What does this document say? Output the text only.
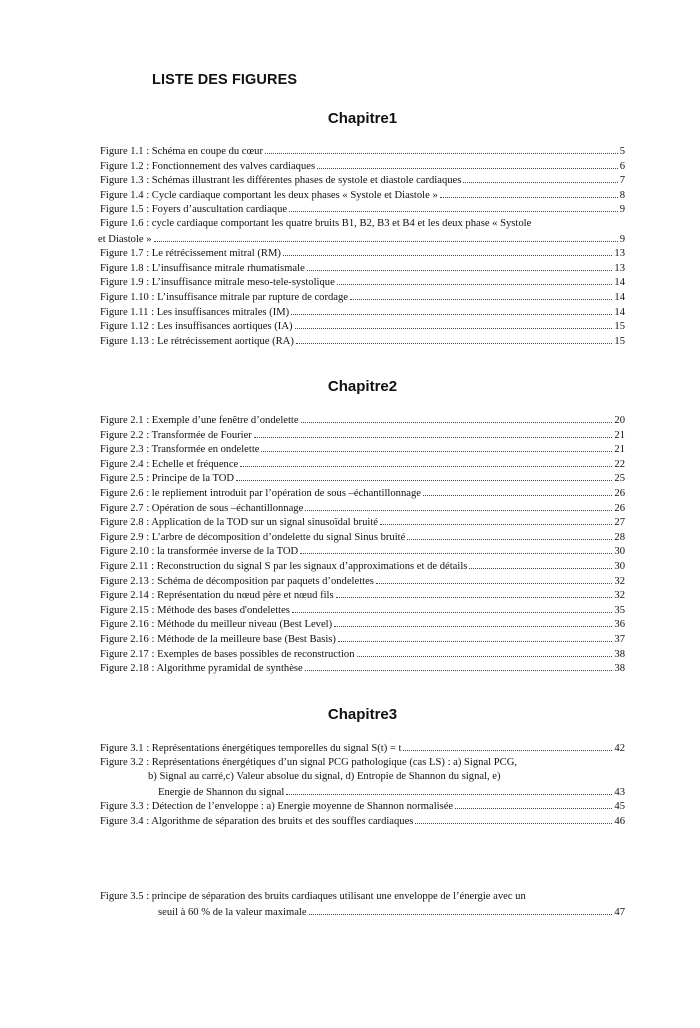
LISTE DES FIGURES
Chapitre1
Figure 1.1 : Schéma en coupe du cœur	5
Figure 1.2 : Fonctionnement des valves cardiaques	6
Figure 1.3 : Schémas illustrant les différentes phases de systole et diastole cardiaques	7
Figure 1.4 : Cycle cardiaque comportant les deux phases « Systole et Diastole »	8
Figure 1.5 : Foyers d’auscultation cardiaque	9
Figure 1.6 : cycle cardiaque comportant les quatre bruits B1, B2, B3 et B4 et les deux phase « Systole
et Diastole »	9
Figure 1.7 : Le rétrécissement mitral (RM)	13
Figure 1.8 : L’insuffisance mitrale rhumatismale	13
Figure 1.9 : L’insuffisance mitrale meso-tele-systolique	14
Figure 1.10 : L’insuffisance mitrale par rupture de cordage	14
Figure 1.11 : Les insuffisances mitrales (IM)	14
Figure 1.12 : Les insuffisances aortiques (IA)	15
Figure 1.13 : Le rétrécissement aortique (RA)	15
Chapitre2
Figure 2.1 : Exemple d’une fenêtre d’ondelette	20
Figure 2.2 : Transformée de Fourier	21
Figure 2.3 : Transformée en ondelette	21
Figure 2.4 : Echelle et fréquence	22
Figure 2.5 : Principe de la TOD	25
Figure 2.6 : le repliement introduit par l’opération de sous –échantillonnage	26
Figure 2.7 : Opération de sous –échantillonnage	26
Figure 2.8 : Application de la TOD sur un signal sinusoïdal bruité	27
Figure 2.9 : L’arbre de décomposition d’ondelette du signal Sinus bruité	28
Figure 2.10 : la transformée inverse de la TOD	30
Figure 2.11 : Reconstruction du signal S par les signaux d’approximations et de détails	30
Figure 2.13 : Schéma de décomposition par paquets d’ondelettes	32
Figure 2.14 : Représentation du nœud père et nœud fils	32
Figure 2.15 : Méthode des bases d'ondelettes	35
Figure 2.16 : Méthode du meilleur niveau (Best Level)	36
Figure 2.16 : Méthode de la meilleure base (Best Basis)	37
Figure 2.17 : Exemples de bases possibles de reconstruction	38
Figure 2.18 : Algorithme pyramidal de synthèse	38
Chapitre3
Figure 3.1 : Représentations énergétiques temporelles du signal S(t) = t	42
Figure 3.2 : Représentations énergétiques d’un signal PCG pathologique (cas LS) : a) Signal PCG,
b) Signal au carré,c) Valeur absolue du signal, d) Entropie de Shannon du signal, e)
Energie de Shannon du signal	43
Figure 3.3 : Détection de l’enveloppe : a) Energie moyenne de Shannon normalisée	45
Figure 3.4 : Algorithme de séparation des bruits et des souffles cardiaques	46
Figure 3.5 : principe de séparation des bruits cardiaques utilisant une enveloppe de l’énergie avec un
seuil à 60 % de la valeur maximale	47
